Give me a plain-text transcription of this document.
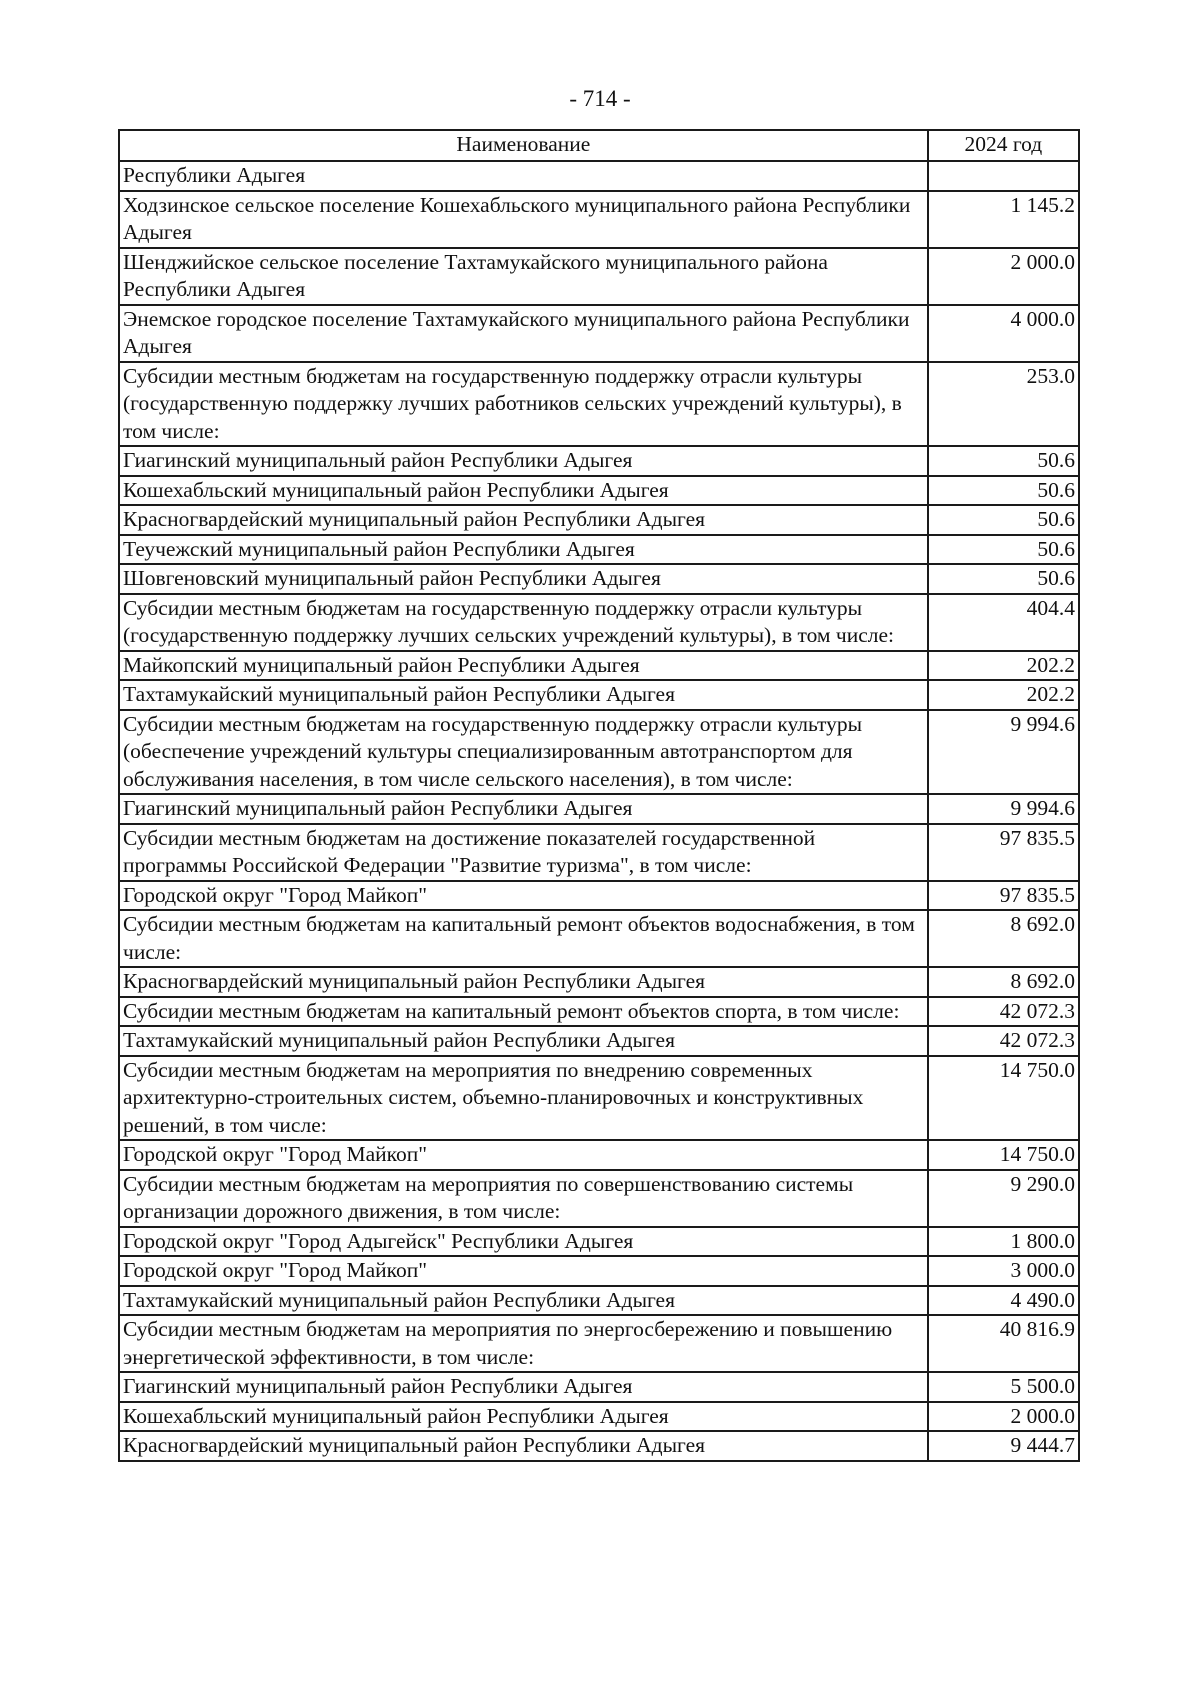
- 714 -
Наименование	2024 год
Республики Адыгея	
Ходзинское сельское поселение Кошехабльского муниципального района Республики Адыгея	1 145.2
Шенджийское сельское поселение Тахтамукайского муниципального района Республики Адыгея	2 000.0
Энемское городское поселение Тахтамукайского муниципального района Республики Адыгея	4 000.0
Субсидии местным бюджетам на государственную поддержку отрасли культуры (государственную поддержку лучших работников сельских учреждений культуры), в том числе:	253.0
Гиагинский муниципальный район Республики Адыгея	50.6
Кошехабльский муниципальный район Республики Адыгея	50.6
Красногвардейский муниципальный район Республики Адыгея	50.6
Теучежский муниципальный район Республики Адыгея	50.6
Шовгеновский муниципальный район Республики Адыгея	50.6
Субсидии местным бюджетам на государственную поддержку отрасли культуры (государственную поддержку лучших сельских учреждений культуры), в том числе:	404.4
Майкопский муниципальный район Республики Адыгея	202.2
Тахтамукайский муниципальный район Республики Адыгея	202.2
Субсидии местным бюджетам на государственную поддержку отрасли культуры (обеспечение учреждений культуры специализированным автотранспортом для обслуживания населения, в том числе сельского населения), в том числе:	9 994.6
Гиагинский муниципальный район Республики Адыгея	9 994.6
Субсидии местным бюджетам на достижение показателей государственной программы Российской Федерации "Развитие туризма", в том числе:	97 835.5
Городской округ "Город Майкоп"	97 835.5
Субсидии местным бюджетам на капитальный ремонт объектов водоснабжения, в том числе:	8 692.0
Красногвардейский муниципальный район Республики Адыгея	8 692.0
Субсидии местным бюджетам на капитальный ремонт объектов спорта, в том числе:	42 072.3
Тахтамукайский муниципальный район Республики Адыгея	42 072.3
Субсидии местным бюджетам на мероприятия по внедрению современных архитектурно-строительных систем, объемно-планировочных и конструктивных решений, в том числе:	14 750.0
Городской округ "Город Майкоп"	14 750.0
Субсидии местным бюджетам на мероприятия по совершенствованию системы организации дорожного движения, в том числе:	9 290.0
Городской округ "Город Адыгейск" Республики Адыгея	1 800.0
Городской округ "Город Майкоп"	3 000.0
Тахтамукайский муниципальный район Республики Адыгея	4 490.0
Субсидии местным бюджетам на мероприятия по энергосбережению и повышению энергетической эффективности, в том числе:	40 816.9
Гиагинский муниципальный район Республики Адыгея	5 500.0
Кошехабльский муниципальный район Республики Адыгея	2 000.0
Красногвардейский муниципальный район Республики Адыгея	9 444.7
